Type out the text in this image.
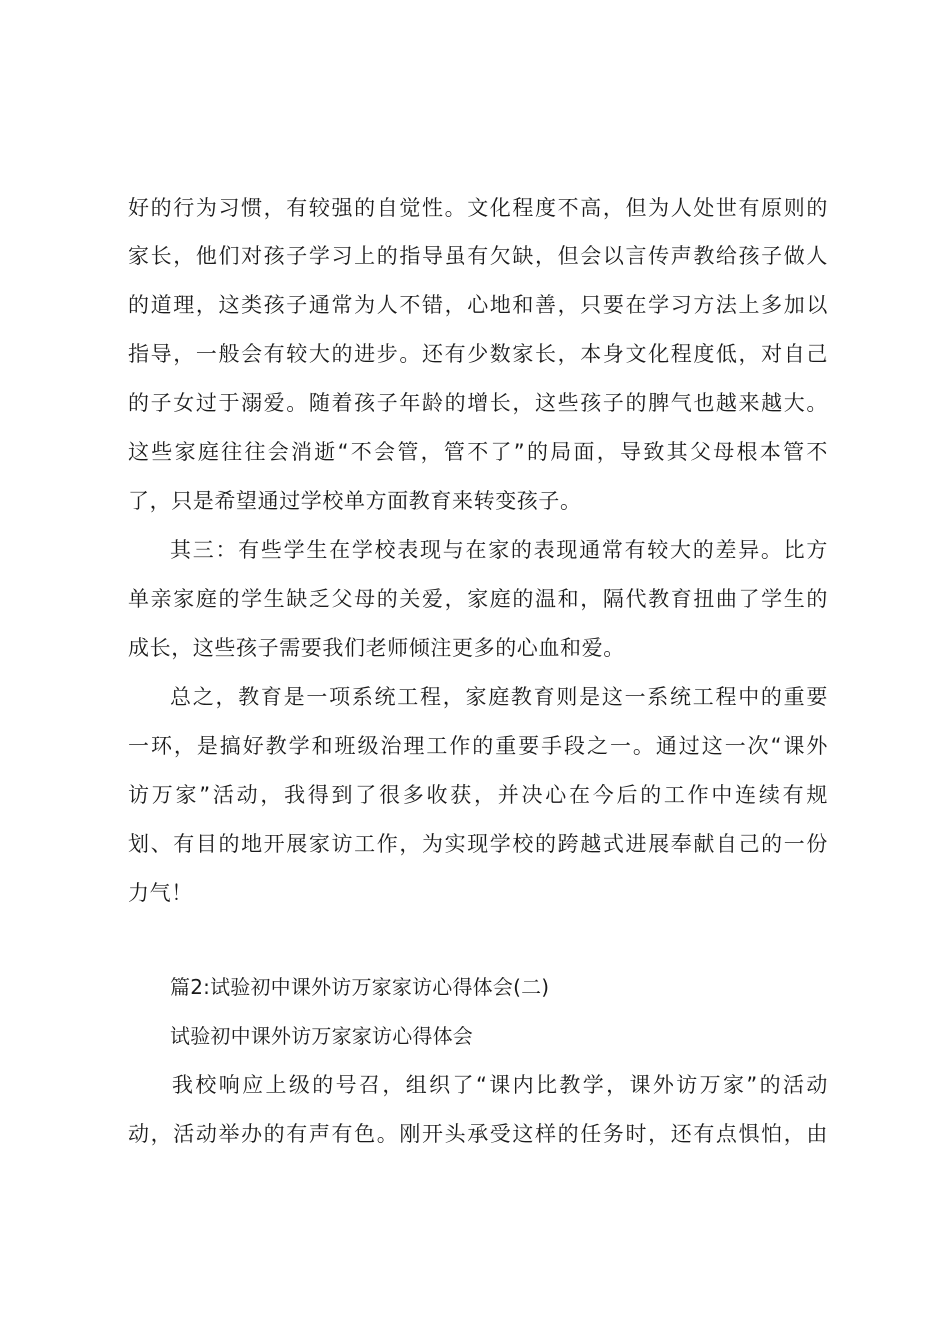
好的行为习惯，有较强的自觉性。文化程度不高，但为人处世有原则的
家长，他们对孩子学习上的指导虽有欠缺，但会以言传声教给孩子做人
的道理，这类孩子通常为人不错，心地和善，只要在学习方法上多加以
指导，一般会有较大的进步。还有少数家长，本身文化程度低，对自己
的子女过于溺爱。随着孩子年龄的增长，这些孩子的脾气也越来越大。
这些家庭往往会消逝“不会管，管不了”的局面，导致其父母根本管不
了，只是希望通过学校单方面教育来转变孩子。
其三：有些学生在学校表现与在家的表现通常有较大的差异。比方
单亲家庭的学生缺乏父母的关爱，家庭的温和，隔代教育扭曲了学生的
成长，这些孩子需要我们老师倾注更多的心血和爱。
总之，教育是一项系统工程，家庭教育则是这一系统工程中的重要
一环，是搞好教学和班级治理工作的重要手段之一。通过这一次“课外
访万家”活动，我得到了很多收获，并决心在今后的工作中连续有规
划、有目的地开展家访工作，为实现学校的跨越式进展奉献自己的一份
力气！
篇2:试验初中课外访万家家访心得体会(二)
试验初中课外访万家家访心得体会
我校响应上级的号召，组织了“课内比教学，课外访万家”的活动
动，活动举办的有声有色。刚开头承受这样的任务时，还有点惧怕，由
